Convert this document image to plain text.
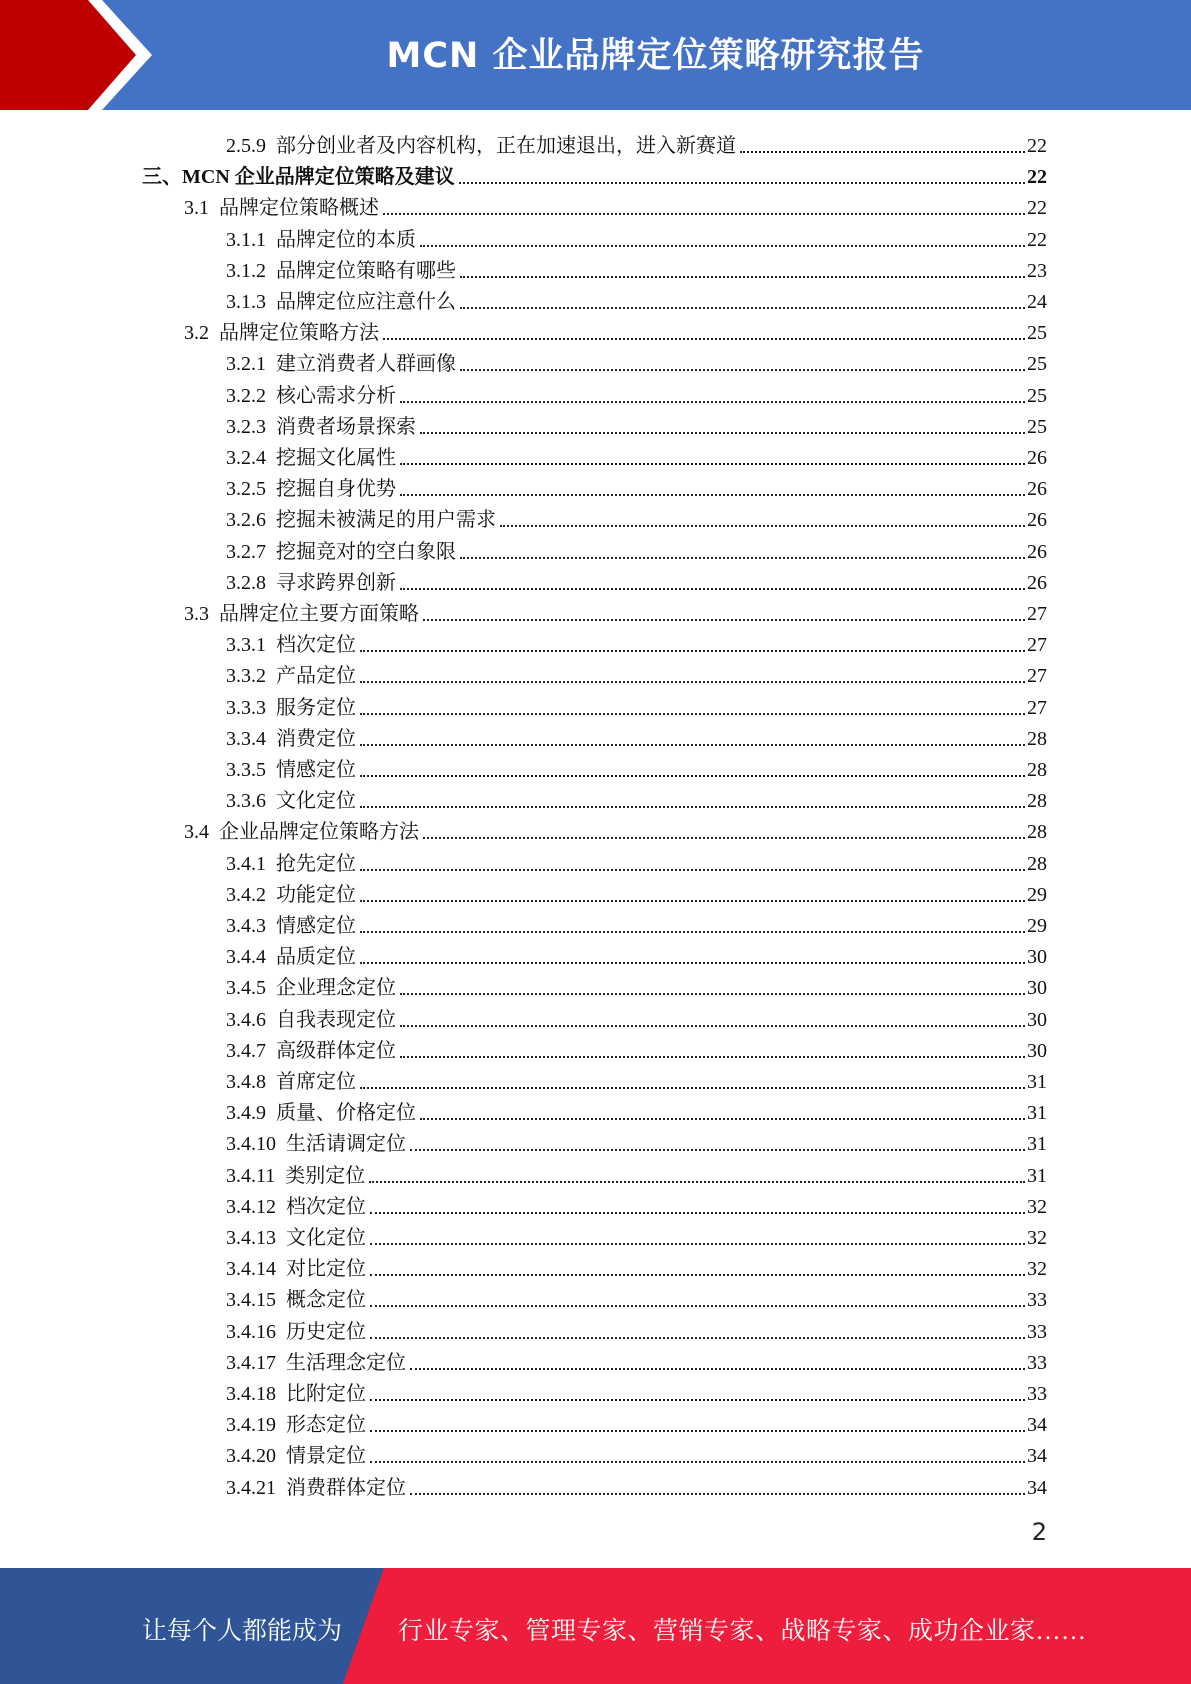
MCN 企业品牌定位策略研究报告
2.5.9 部分创业者及内容机构，正在加速退出，进入新赛道	22
三、 MCN 企业品牌定位策略及建议	22
3.1 品牌定位策略概述	22
3.1.1 品牌定位的本质	22
3.1.2 品牌定位策略有哪些	23
3.1.3 品牌定位应注意什么	24
3.2 品牌定位策略方法	25
3.2.1 建立消费者人群画像	25
3.2.2 核心需求分析	25
3.2.3 消费者场景探索	25
3.2.4 挖掘文化属性	26
3.2.5 挖掘自身优势	26
3.2.6 挖掘未被满足的用户需求	26
3.2.7 挖掘竞对的空白象限	26
3.2.8 寻求跨界创新	26
3.3 品牌定位主要方面策略	27
3.3.1 档次定位	27
3.3.2 产品定位	27
3.3.3 服务定位	27
3.3.4 消费定位	28
3.3.5 情感定位	28
3.3.6 文化定位	28
3.4 企业品牌定位策略方法	28
3.4.1 抢先定位	28
3.4.2 功能定位	29
3.4.3 情感定位	29
3.4.4 品质定位	30
3.4.5 企业理念定位	30
3.4.6 自我表现定位	30
3.4.7 高级群体定位	30
3.4.8 首席定位	31
3.4.9 质量、价格定位	31
3.4.10 生活请调定位	31
3.4.11 类别定位	31
3.4.12 档次定位	32
3.4.13 文化定位	32
3.4.14 对比定位	32
3.4.15 概念定位	33
3.4.16 历史定位	33
3.4.17 生活理念定位	33
3.4.18 比附定位	33
3.4.19 形态定位	34
3.4.20 情景定位	34
3.4.21 消费群体定位	34
2
让每个人都能成为 行业专家、管理专家、营销专家、战略专家、成功企业家……
